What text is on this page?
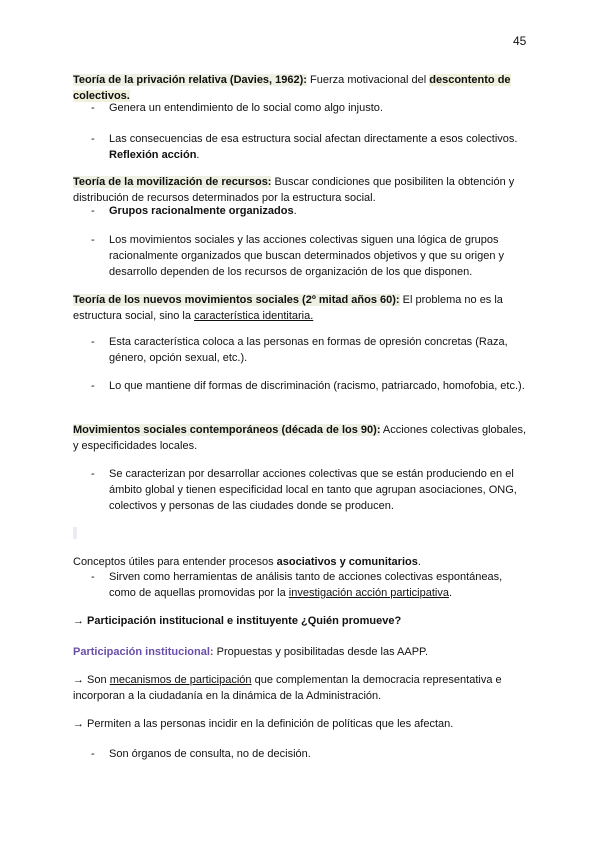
45
Teoría de la privación relativa (Davies, 1962): Fuerza motivacional del descontento de colectivos.
- Genera un entendimiento de lo social como algo injusto.
- Las consecuencias de esa estructura social afectan directamente a esos colectivos. Reflexión acción.
Teoría de la movilización de recursos: Buscar condiciones que posibiliten la obtención y distribución de recursos determinados por la estructura social.
- Grupos racionalmente organizados.
- Los movimientos sociales y las acciones colectivas siguen una lógica de grupos racionalmente organizados que buscan determinados objetivos y que su origen y desarrollo dependen de los recursos de organización de los que disponen.
Teoría de los nuevos movimientos sociales (2º mitad años 60): El problema no es la estructura social, sino la característica identitaria.
- Esta característica coloca a las personas en formas de opresión concretas (Raza, género, opción sexual, etc.).
- Lo que mantiene dif formas de discriminación (racismo, patriarcado, homofobia, etc.).
Movimientos sociales contemporáneos (década de los 90): Acciones colectivas globales, y especificidades locales.
- Se caracterizan por desarrollar acciones colectivas que se están produciendo en el ámbito global y tienen especificidad local en tanto que agrupan asociaciones, ONG, colectivos y personas de las ciudades donde se producen.
Conceptos útiles para entender procesos asociativos y comunitarios.
- Sirven como herramientas de análisis tanto de acciones colectivas espontáneas, como de aquellas promovidas por la investigación acción participativa.
→ Participación institucional e instituyente ¿Quién promueve?
Participación institucional: Propuestas y posibilitadas desde las AAPP.
→ Son mecanismos de participación que complementan la democracia representativa e incorporan a la ciudadanía en la dinámica de la Administración.
→ Permiten a las personas incidir en la definición de políticas que les afectan.
- Son órganos de consulta, no de decisión.
